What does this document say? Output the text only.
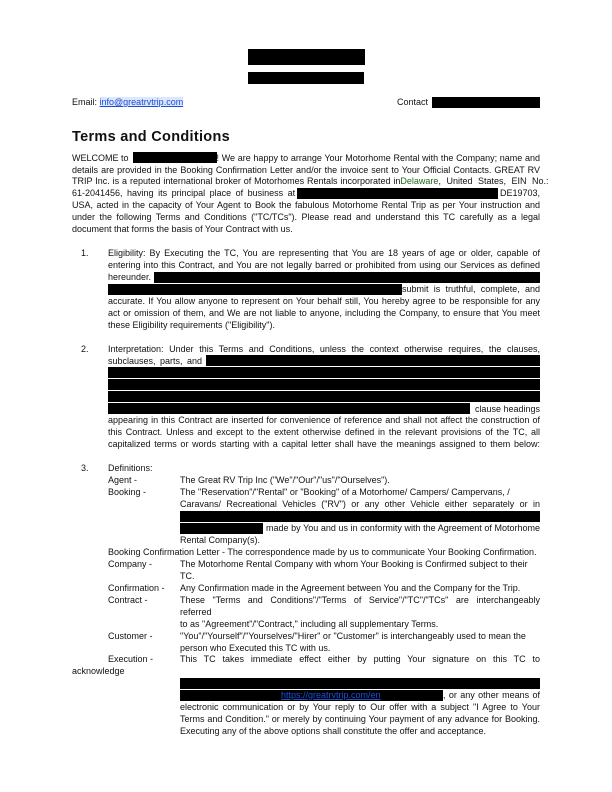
Email: info@greatrvtrip.com	Contact
Terms and Conditions
WELCOME to	! We are happy to arrange Your Motorhome Rental with the Company; name and
details are provided in the Booking Confirmation Letter and/or the invoice sent to Your Official Contacts. GREAT RV
TRIP Inc. is a reputed international broker of Motorhomes Rentals incorporated in Delaware, United States, EIN No.:
61-2041456, having its principal place of business at	DE19703,
USA, acted in the capacity of Your Agent to Book the fabulous Motorhome Rental Trip as per Your instruction and
under the following Terms and Conditions ("TC/TCs"). Please read and understand this TC carefully as a legal
document that forms the basis of Your Contract with us.
1. Eligibility: By Executing the TC, You are representing that You are 18 years of age or older, capable of
entering into this Contract, and You are not legally barred or prohibited from using our Services as defined
hereunder.
submit is truthful, complete, and
accurate. If You allow anyone to represent on Your behalf still, You hereby agree to be responsible for any
act or omission of them, and We are not liable to anyone, including the Company, to ensure that You meet
these Eligibility requirements ("Eligibility").
2. Interpretation: Under this Terms and Conditions, unless the context otherwise requires, the clauses,
subclauses, parts, and
clause headings
appearing in this Contract are inserted for convenience of reference and shall not affect the construction of
this Contract. Unless and except to the extent otherwise defined in the relevant provisions of the TC, all
capitalized terms or words starting with a capital letter shall have the meanings assigned to them below:
3. Definitions:
Agent -	The Great RV Trip Inc ("We"/"Our"/"us"/"Ourselves").
Booking -	The "Reservation"/"Rental" or "Booking" of a Motorhome/ Campers/ Campervans, /
Caravans/ Recreational Vehicles ("RV") or any other Vehicle either separately or in
made by You and us in conformity with the Agreement of Motorhome
Rental Company(s).
Booking Confirmation Letter - The correspondence made by us to communicate Your Booking Confirmation.
Company -	The Motorhome Rental Company with whom Your Booking is Confirmed subject to their
TC.
Confirmation - Any Confirmation made in the Agreement between You and the Company for the Trip.
Contract -	These "Terms and Conditions"/"Terms of Service"/"TC"/"TCs" are interchangeably
referred
to as "Agreement"/"Contract," including all supplementary Terms.
Customer -	"You"/"Yourself"/"Yourselves/"Hirer" or "Customer" is interchangeably used to mean the
person who Executed this TC with us.
Execution -	This TC takes immediate effect either by putting Your signature on this TC to
acknowledge
https://greatrvtrip.com/en	, or any other means of
electronic communication or by Your reply to Our offer with a subject "I Agree to Your
Terms and Condition." or merely by continuing Your payment of any advance for Booking.
Executing any of the above options shall constitute the offer and acceptance.
